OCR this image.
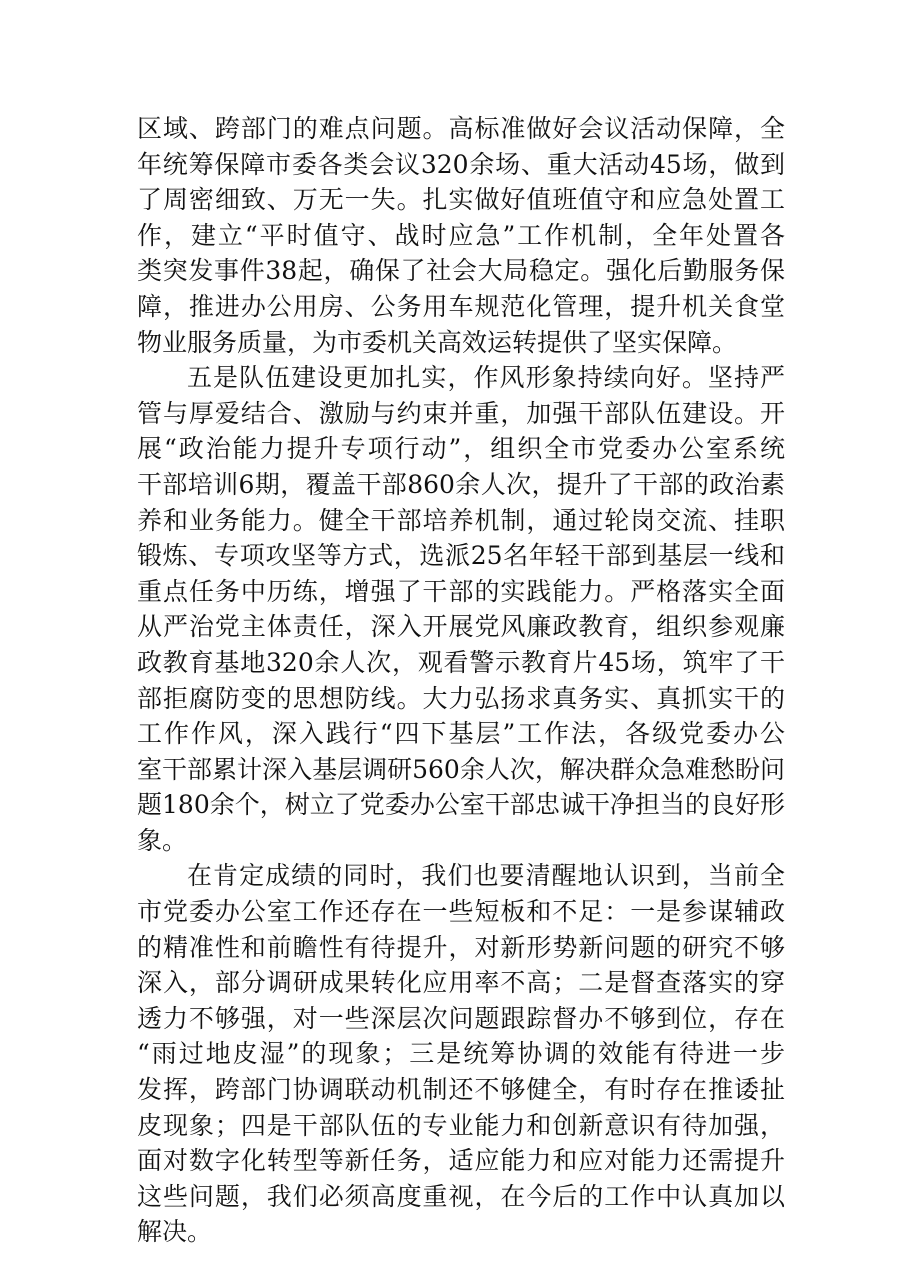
区域、跨部门的难点问题。高标准做好会议活动保障，全
年统筹保障市委各类会议320余场、重大活动45场，做到
了周密细致、万无一失。扎实做好值班值守和应急处置工
作，建立“平时值守、战时应急”工作机制，全年处置各
类突发事件38起，确保了社会大局稳定。强化后勤服务保
障，推进办公用房、公务用车规范化管理，提升机关食堂
物业服务质量，为市委机关高效运转提供了坚实保障。
五是队伍建设更加扎实，作风形象持续向好。坚持严
管与厚爱结合、激励与约束并重，加强干部队伍建设。开
展“政治能力提升专项行动”，组织全市党委办公室系统
干部培训6期，覆盖干部860余人次，提升了干部的政治素
养和业务能力。健全干部培养机制，通过轮岗交流、挂职
锻炼、专项攻坚等方式，选派25名年轻干部到基层一线和
重点任务中历练，增强了干部的实践能力。严格落实全面
从严治党主体责任，深入开展党风廉政教育，组织参观廉
政教育基地320余人次，观看警示教育片45场，筑牢了干
部拒腐防变的思想防线。大力弘扬求真务实、真抓实干的
工作作风，深入践行“四下基层”工作法，各级党委办公
室干部累计深入基层调研560余人次，解决群众急难愁盼问
题180余个，树立了党委办公室干部忠诚干净担当的良好形
象。
在肯定成绩的同时，我们也要清醒地认识到，当前全
市党委办公室工作还存在一些短板和不足：一是参谋辅政
的精准性和前瞻性有待提升，对新形势新问题的研究不够
深入，部分调研成果转化应用率不高；二是督查落实的穿
透力不够强，对一些深层次问题跟踪督办不够到位，存在
“雨过地皮湿”的现象；三是统筹协调的效能有待进一步
发挥，跨部门协调联动机制还不够健全，有时存在推诿扯
皮现象；四是干部队伍的专业能力和创新意识有待加强，
面对数字化转型等新任务，适应能力和应对能力还需提升
这些问题，我们必须高度重视，在今后的工作中认真加以
解决。
